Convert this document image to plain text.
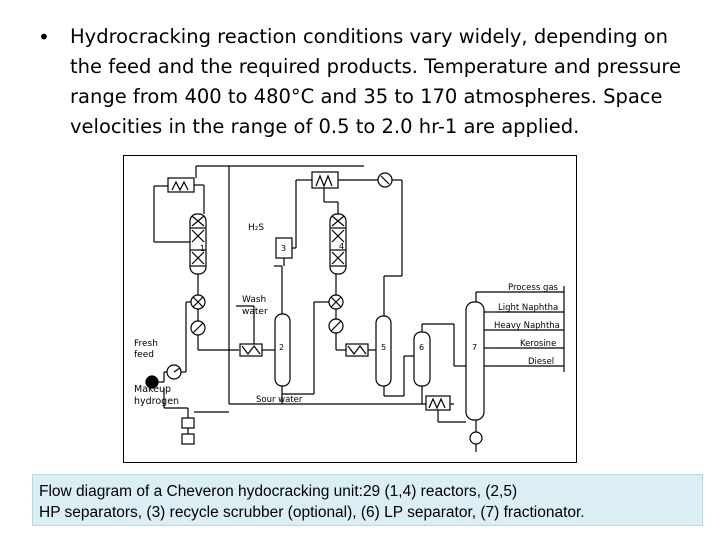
• Hydrocracking reaction conditions vary widely, depending on the feed and the required products. Temperature and pressure range from 400 to 480°C and 35 to 170 atmospheres. Space velocities in the range of 0.5 to 2.0 hr-1 are applied.
1
2
3	4
5	6	7
H₂S
Wash
water
Fresh
feed
Makeup
hydrogen	Sour water
Process gas
Light Naphtha
Heavy Naphtha
Kerosine
Diesel
Flow diagram of a Cheveron hydocracking unit:29 (1,4) reactors, (2,5)
HP separators, (3) recycle scrubber (optional), (6) LP separator, (7) fractionator.
